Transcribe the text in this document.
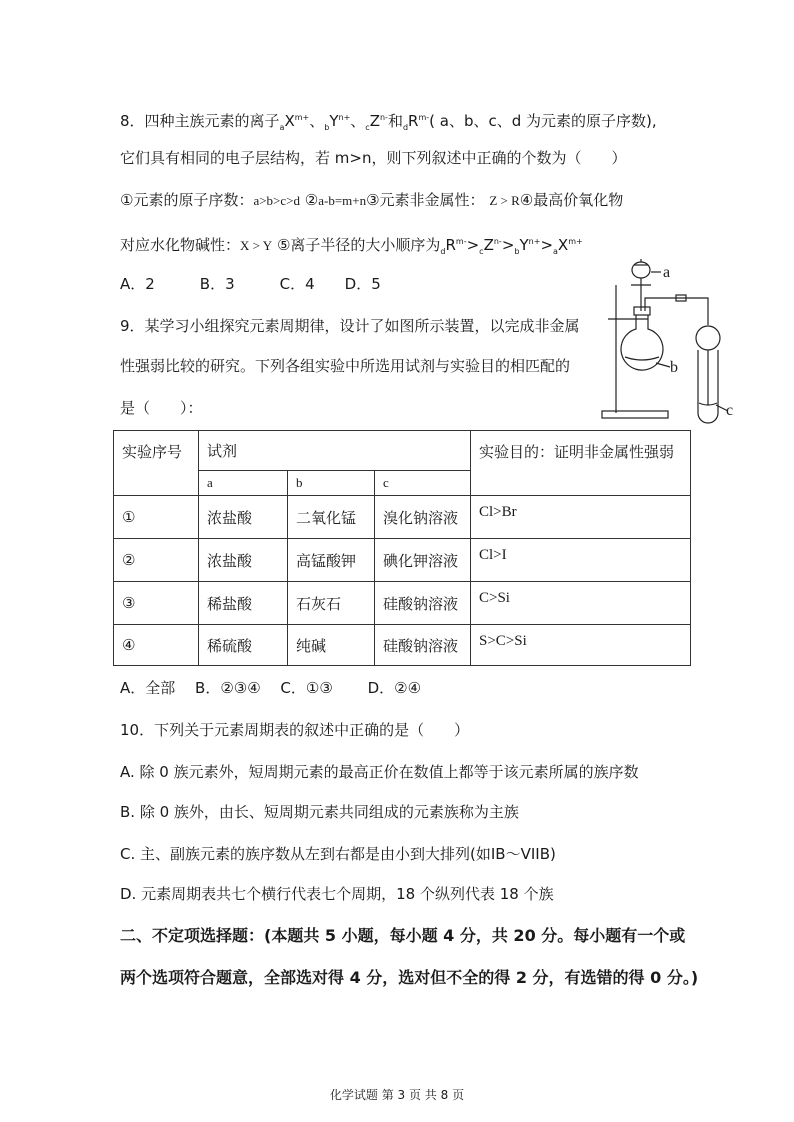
8．四种主族元素的离子$_aX^{m+}$、$_bY^{n+}$、$_cZ^{n-}$和$_dR^{m-}$( a、b、c、d 为元素的原子序数),
它们具有相同的电子层结构，若 m>n，则下列叙述中正确的个数为（　　）
①元素的原子序数：a>b>c>d ②a-b=m+n③元素非金属性： Z > R④最高价氧化物
对应水化物碱性：X > Y ⑤离子半径的大小顺序为$_dR^{m-}>_cZ^{n-}>_bY^{n+}>_aX^{m+}$
A．2　　　B．3　　　C．4　　D．5
9．某学习小组探究元素周期律，设计了如图所示装置，以完成非金属
性强弱比较的研究。下列各组实验中所选用试剂与实验目的相匹配的
是（　　）：
a
b
c
实验序号	试剂			实验目的：证明非金属性强弱
	a	b	c	
①	浓盐酸	二氧化锰	溴化钠溶液	Cl>Br
②	浓盐酸	高锰酸钾	碘化钾溶液	Cl>I
③	稀盐酸	石灰石	硅酸钠溶液	C>Si
④	稀硫酸	纯碱	硅酸钠溶液	S>C>Si
A．全部　 B．②③④　 C．①③　　 D．②④
10．下列关于元素周期表的叙述中正确的是（　　）
A. 除 0 族元素外，短周期元素的最高正价在数值上都等于该元素所属的族序数
B. 除 0 族外，由长、短周期元素共同组成的元素族称为主族
C. 主、副族元素的族序数从左到右都是由小到大排列(如ⅠB～VIIB)
D. 元素周期表共七个横行代表七个周期，18 个纵列代表 18 个族
二、不定项选择题：(本题共 5 小题，每小题 4 分，共 20 分。每小题有一个或
两个选项符合题意，全部选对得 4 分，选对但不全的得 2 分，有选错的得 0 分。)
化学试题 第 3 页 共 8 页
